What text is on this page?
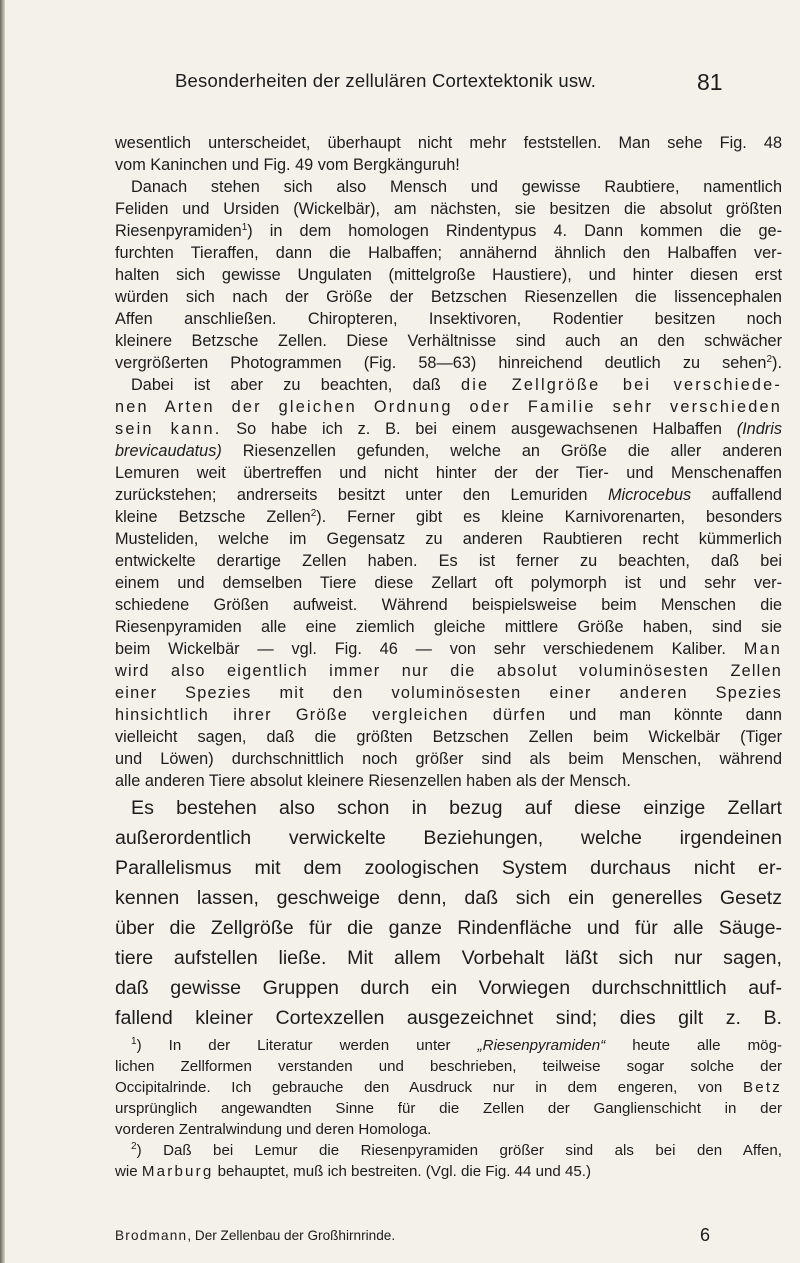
Besonderheiten der zellulären Cortextektonik usw.	81
wesentlich unterscheidet, überhaupt nicht mehr feststellen. Man sehe Fig. 48
vom Kaninchen und Fig. 49 vom Bergkänguruh!
Danach stehen sich also Mensch und gewisse Raubtiere, namentlich
Feliden und Ursiden (Wickelbär), am nächsten, sie besitzen die absolut größten
Riesenpyramiden$^1$) in dem homologen Rindentypus 4. Dann kommen die ge-
furchten Tieraffen, dann die Halbaffen; annähernd ähnlich den Halbaffen ver-
halten sich gewisse Ungulaten (mittelgroße Haustiere), und hinter diesen erst
würden sich nach der Größe der Betzschen Riesenzellen die lissencephalen
Affen anschließen. Chiropteren, Insektivoren, Rodentier besitzen noch
kleinere Betzsche Zellen. Diese Verhältnisse sind auch an den schwächer
vergrößerten Photogrammen (Fig. 58—63) hinreichend deutlich zu sehen$^2$).
Dabei ist aber zu beachten, daß die Zellgröße bei verschiede-
nen Arten der gleichen Ordnung oder Familie sehr verschieden
sein kann. So habe ich z. B. bei einem ausgewachsenen Halbaffen (Indris
brevicaudatus) Riesenzellen gefunden, welche an Größe die aller anderen
Lemuren weit übertreffen und nicht hinter der der Tier- und Menschenaffen
zurückstehen; andrerseits besitzt unter den Lemuriden Microcebus auffallend
kleine Betzsche Zellen$^2$). Ferner gibt es kleine Karnivorenarten, besonders
Musteliden, welche im Gegensatz zu anderen Raubtieren recht kümmerlich
entwickelte derartige Zellen haben. Es ist ferner zu beachten, daß bei
einem und demselben Tiere diese Zellart oft polymorph ist und sehr ver-
schiedene Größen aufweist. Während beispielsweise beim Menschen die
Riesenpyramiden alle eine ziemlich gleiche mittlere Größe haben, sind sie
beim Wickelbär — vgl. Fig. 46 — von sehr verschiedenem Kaliber. Man
wird also eigentlich immer nur die absolut voluminösesten Zellen
einer Spezies mit den voluminösesten einer anderen Spezies
hinsichtlich ihrer Größe vergleichen dürfen und man könnte dann
vielleicht sagen, daß die größten Betzschen Zellen beim Wickelbär (Tiger
und Löwen) durchschnittlich noch größer sind als beim Menschen, während
alle anderen Tiere absolut kleinere Riesenzellen haben als der Mensch.
Es bestehen also schon in bezug auf diese einzige Zellart
außerordentlich verwickelte Beziehungen, welche irgendeinen
Parallelismus mit dem zoologischen System durchaus nicht er-
kennen lassen, geschweige denn, daß sich ein generelles Gesetz
über die Zellgröße für die ganze Rindenfläche und für alle Säuge-
tiere aufstellen ließe. Mit allem Vorbehalt läßt sich nur sagen,
daß gewisse Gruppen durch ein Vorwiegen durchschnittlich auf-
fallend kleiner Cortexzellen ausgezeichnet sind; dies gilt z. B.
$^1$) In der Literatur werden unter „Riesenpyramiden“ heute alle mög-
lichen Zellformen verstanden und beschrieben, teilweise sogar solche der
Occipitalrinde. Ich gebrauche den Ausdruck nur in dem engeren, von Betz
ursprünglich angewandten Sinne für die Zellen der Ganglienschicht in der
vorderen Zentralwindung und deren Homologa.
$^2$) Daß bei Lemur die Riesenpyramiden größer sind als bei den Affen,
wie Marburg behauptet, muß ich bestreiten. (Vgl. die Fig. 44 und 45.)
Brodmann, Der Zellenbau der Großhirnrinde.	6
